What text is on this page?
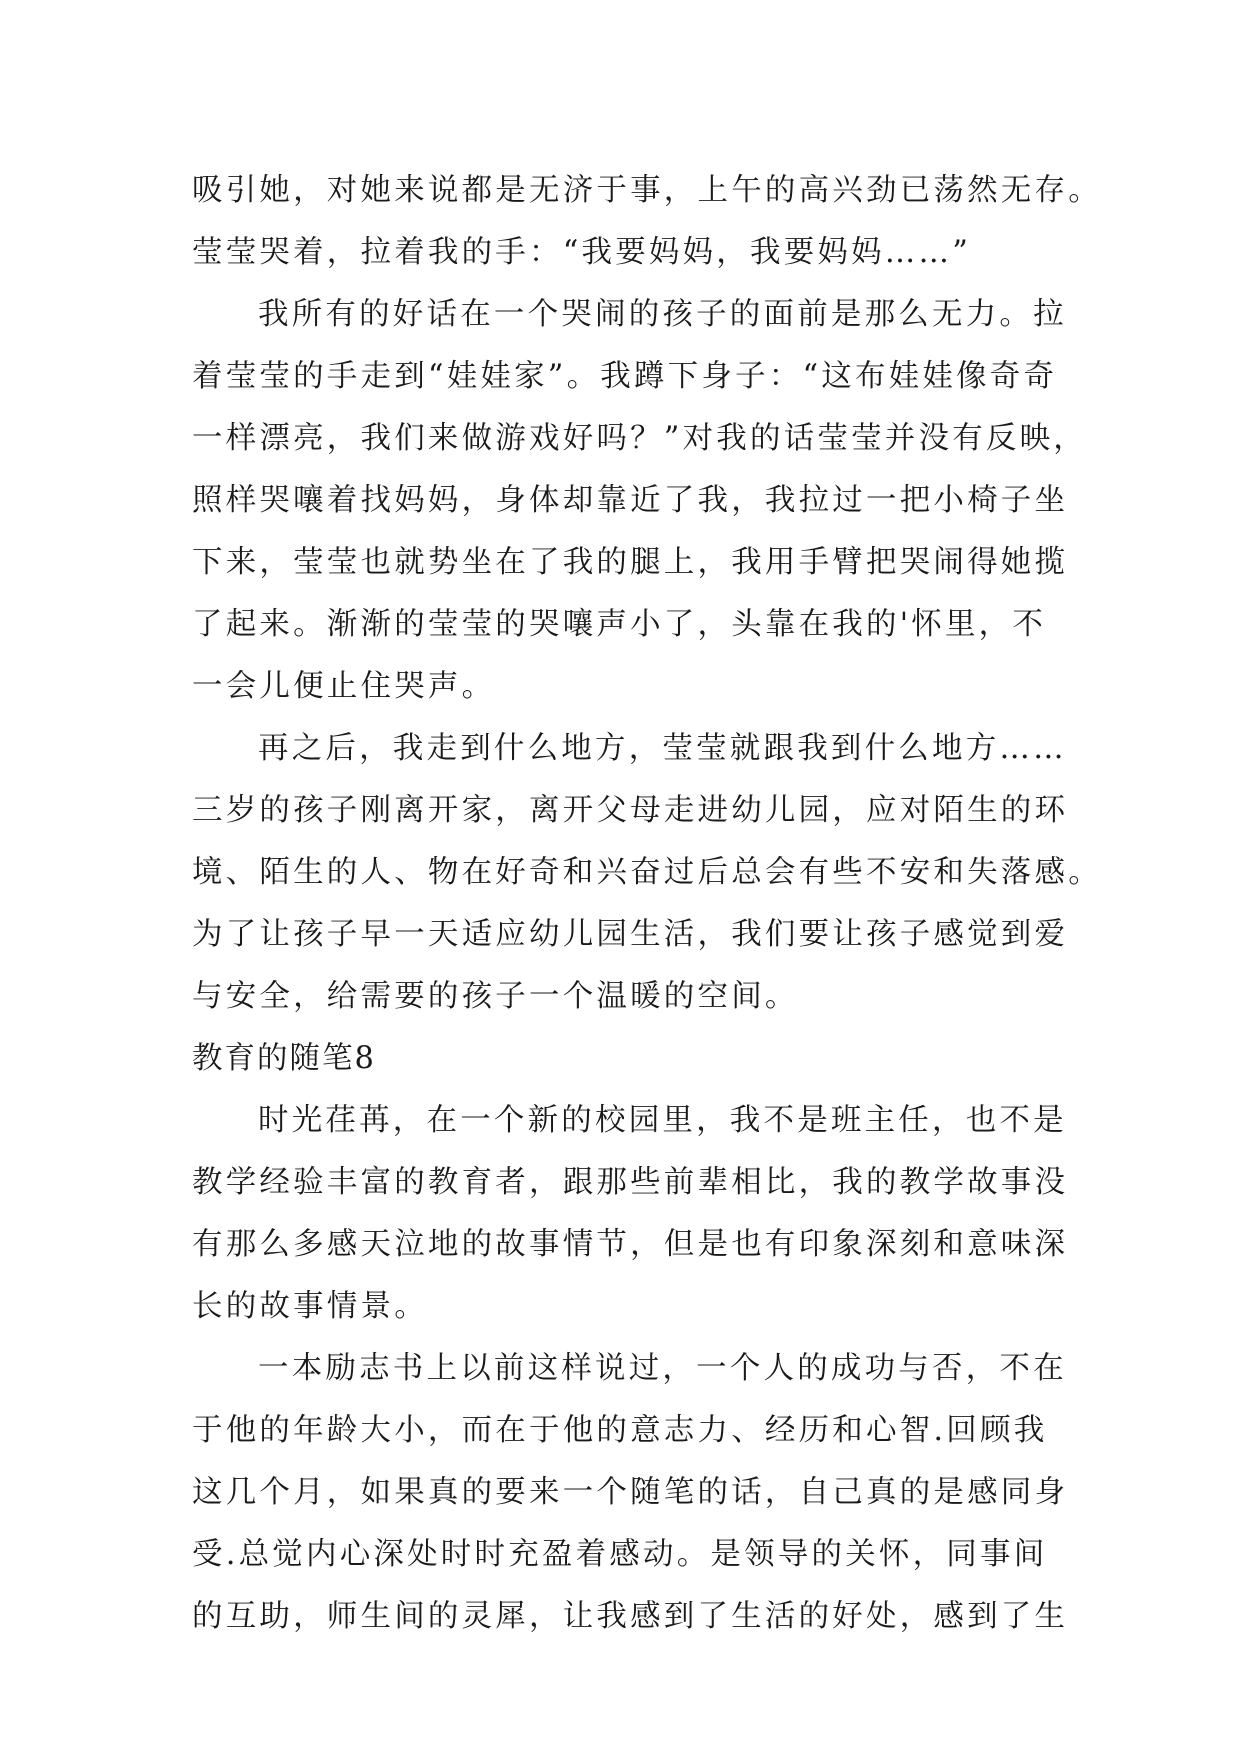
吸引她，对她来说都是无济于事，上午的高兴劲已荡然无存。
莹莹哭着，拉着我的手：“我要妈妈，我要妈妈……”
我所有的好话在一个哭闹的孩子的面前是那么无力。拉
着莹莹的手走到“娃娃家”。我蹲下身子：“这布娃娃像奇奇
一样漂亮，我们来做游戏好吗？”对我的话莹莹并没有反映，
照样哭嚷着找妈妈，身体却靠近了我，我拉过一把小椅子坐
下来，莹莹也就势坐在了我的腿上，我用手臂把哭闹得她揽
了起来。渐渐的莹莹的哭嚷声小了，头靠在我的'怀里，不
一会儿便止住哭声。
再之后，我走到什么地方，莹莹就跟我到什么地方……
三岁的孩子刚离开家，离开父母走进幼儿园，应对陌生的环
境、陌生的人、物在好奇和兴奋过后总会有些不安和失落感。
为了让孩子早一天适应幼儿园生活，我们要让孩子感觉到爱
与安全，给需要的孩子一个温暖的空间。
教育的随笔8
时光荏苒，在一个新的校园里，我不是班主任，也不是
教学经验丰富的教育者，跟那些前辈相比，我的教学故事没
有那么多感天泣地的故事情节，但是也有印象深刻和意味深
长的故事情景。
一本励志书上以前这样说过，一个人的成功与否，不在
于他的年龄大小，而在于他的意志力、经历和心智.回顾我
这几个月，如果真的要来一个随笔的话，自己真的是感同身
受.总觉内心深处时时充盈着感动。是领导的关怀，同事间
的互助，师生间的灵犀，让我感到了生活的好处，感到了生
